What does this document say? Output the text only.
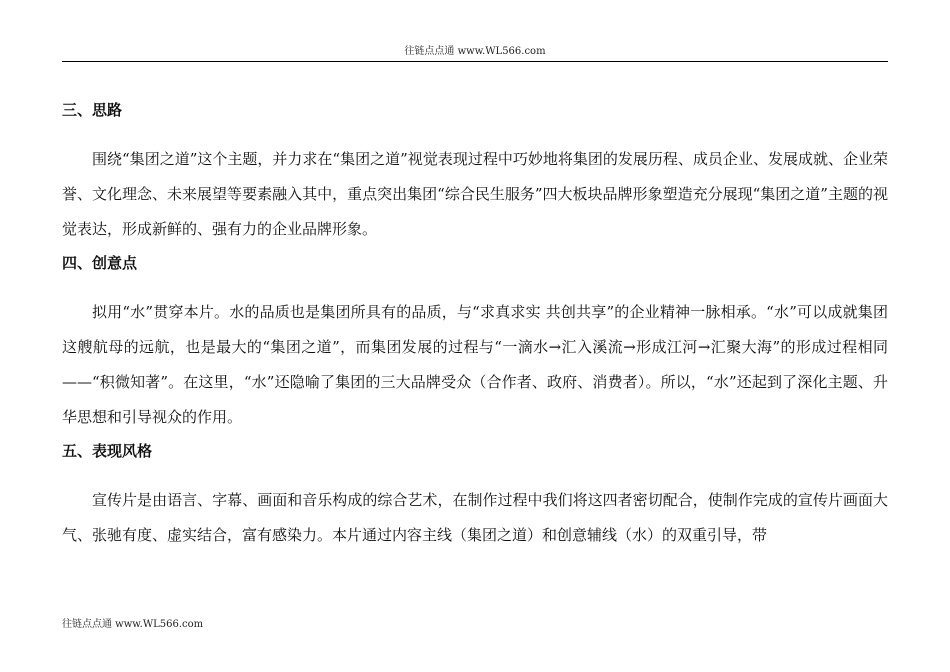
往链点点通 www.WL566.com
三、思路

围绕“集团之道”这个主题，并力求在“集团之道”视觉表现过程中巧妙地将集团的发展历程、成员企业、发展成就、企业荣誉、文化理念、未来展望等要素融入其中，重点突出集团“综合民生服务”四大板块品牌形象塑造充分展现“集团之道”主题的视觉表达，形成新鲜的、强有力的企业品牌形象。

四、创意点

拟用“水”贯穿本片。水的品质也是集团所具有的品质，与“求真求实 共创共享”的企业精神一脉相承。“水”可以成就集团这艘航母的远航，也是最大的“集团之道”，而集团发展的过程与“一滴水→汇入溪流→形成江河→汇聚大海”的形成过程相同——“积微知著”。在这里，“水”还隐喻了集团的三大品牌受众（合作者、政府、消费者）。所以，“水”还起到了深化主题、升华思想和引导视众的作用。

五、表现风格

宣传片是由语言、字幕、画面和音乐构成的综合艺术，在制作过程中我们将这四者密切配合，使制作完成的宣传片画面大气、张驰有度、虚实结合，富有感染力。本片通过内容主线（集团之道）和创意辅线（水）的双重引导，带

往链点点通 www.WL566.com
